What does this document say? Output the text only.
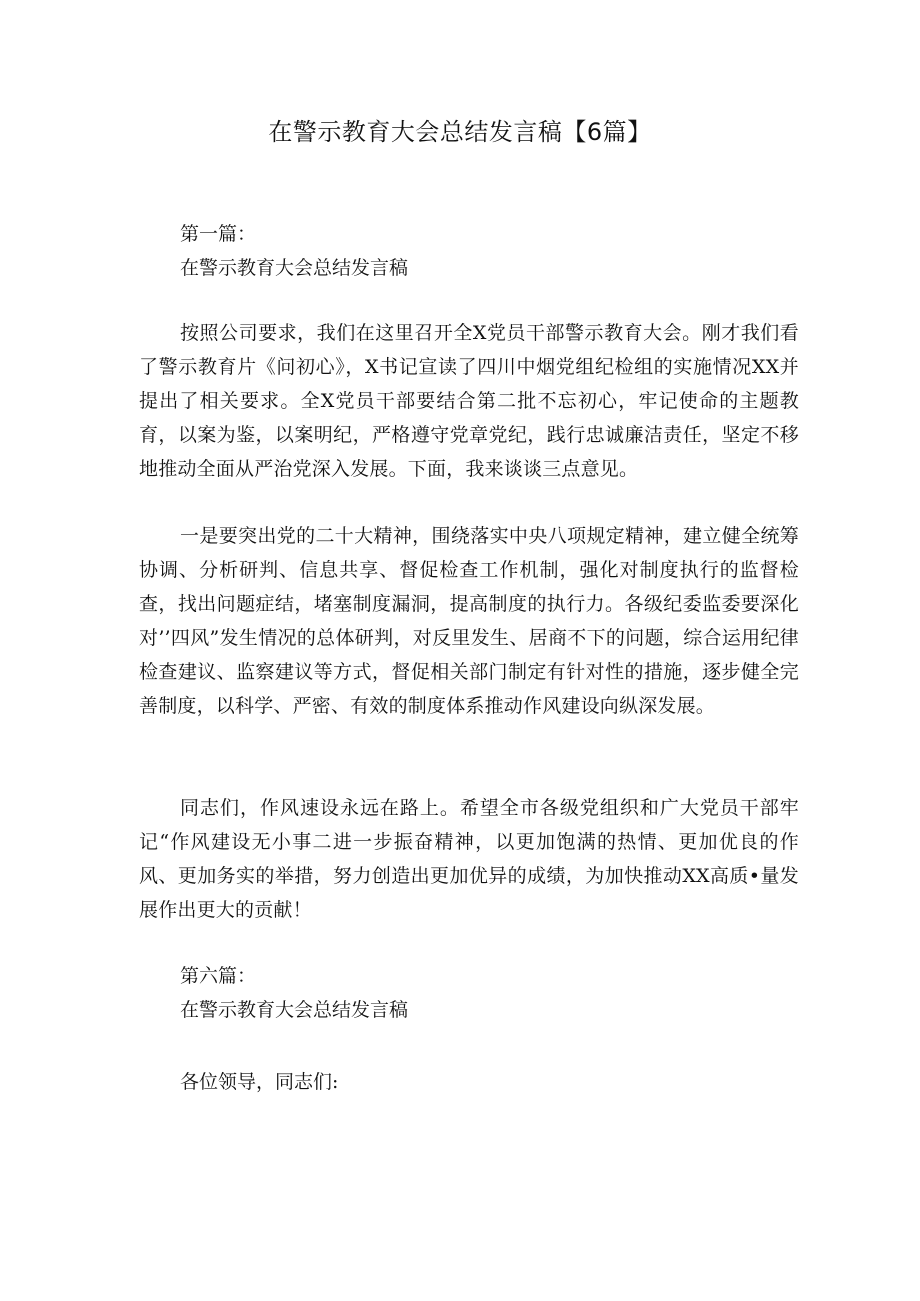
在警示教育大会总结发言稿【6篇】

第一篇：

在警示教育大会总结发言稿

按照公司要求，我们在这里召开全X党员干部警示教育大会。刚才我们看了警示教育片《问初心》，X书记宣读了四川中烟党组纪检组的实施情况XX并提出了相关要求。全X党员干部要结合第二批不忘初心，牢记使命的主题教育，以案为鉴，以案明纪，严格遵守党章党纪，践行忠诚廉洁责任，坚定不移地推动全面从严治党深入发展。下面，我来谈谈三点意见。

一是要突出党的二十大精神，围绕落实中央八项规定精神，建立健全统筹协调、分析研判、信息共享、督促检查工作机制，强化对制度执行的监督检查，找出问题症结，堵塞制度漏洞，提高制度的执行力。各级纪委监委要深化对’’四风”发生情况的总体研判，对反里发生、居商不下的问题，综合运用纪律检查建议、监察建议等方式，督促相关部门制定有针对性的措施，逐步健全完善制度，以科学、严密、有效的制度体系推动作风建设向纵深发展。

同志们，作风速设永远在路上。希望全市各级党组织和广大党员干部牢记“作风建设无小事二进一步振奋精神，以更加饱满的热情、更加优良的作风、更加务实的举措，努力创造出更加优异的成绩，为加快推动XX高质•量发展作出更大的贡献！

第六篇：

在警示教育大会总结发言稿

各位领导，同志们:
